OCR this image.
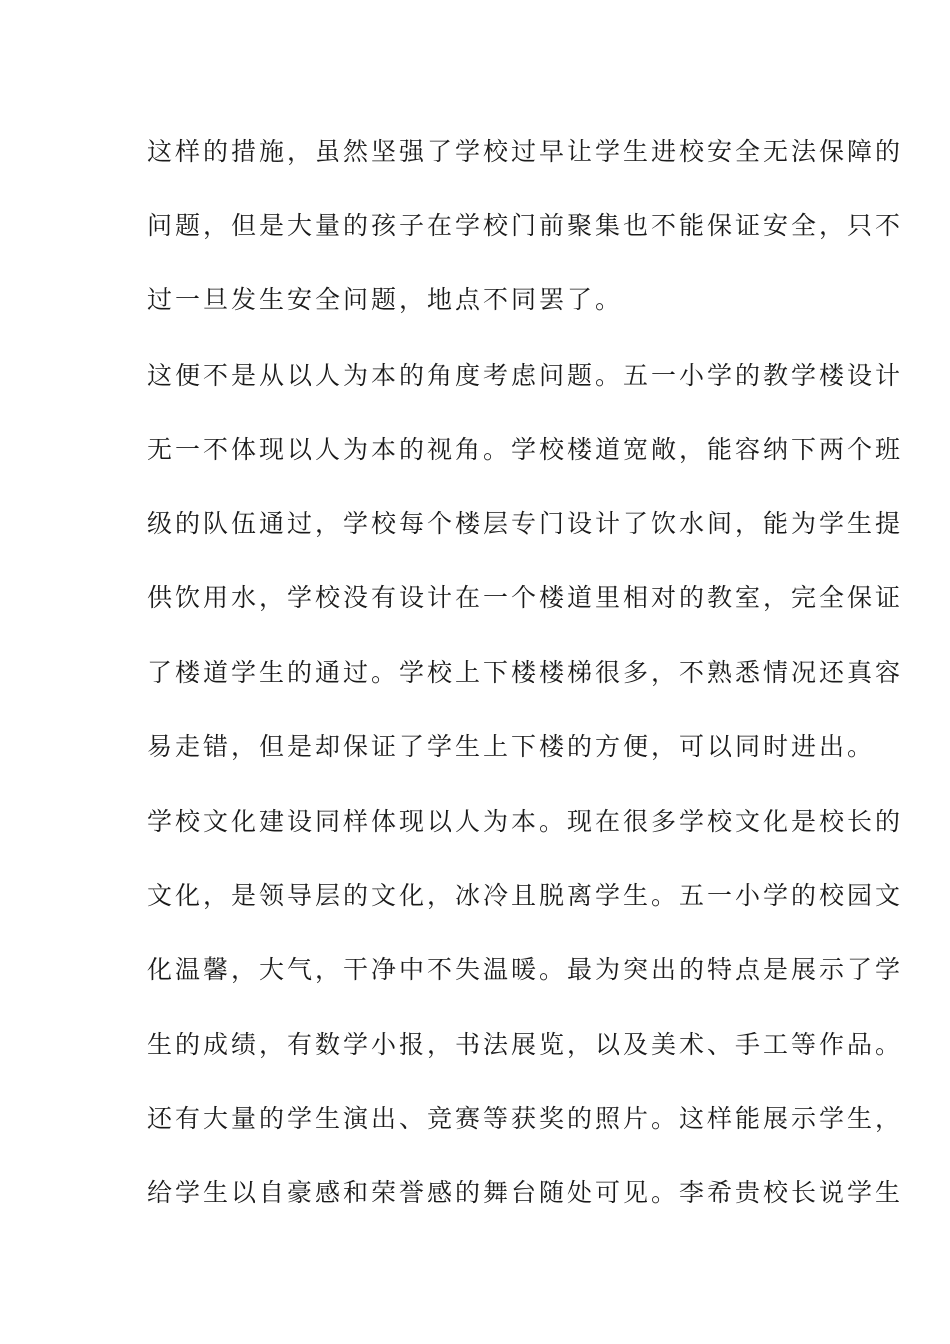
这样的措施，虽然坚强了学校过早让学生进校安全无法保障的
问题，但是大量的孩子在学校门前聚集也不能保证安全，只不
过一旦发生安全问题，地点不同罢了。
这便不是从以人为本的角度考虑问题。五一小学的教学楼设计
无一不体现以人为本的视角。学校楼道宽敞，能容纳下两个班
级的队伍通过，学校每个楼层专门设计了饮水间，能为学生提
供饮用水，学校没有设计在一个楼道里相对的教室，完全保证
了楼道学生的通过。学校上下楼楼梯很多，不熟悉情况还真容
易走错，但是却保证了学生上下楼的方便，可以同时进出。
学校文化建设同样体现以人为本。现在很多学校文化是校长的
文化，是领导层的文化，冰冷且脱离学生。五一小学的校园文
化温馨，大气，干净中不失温暖。最为突出的特点是展示了学
生的成绩，有数学小报，书法展览，以及美术、手工等作品。
还有大量的学生演出、竞赛等获奖的照片。这样能展示学生，
给学生以自豪感和荣誉感的舞台随处可见。李希贵校长说学生
